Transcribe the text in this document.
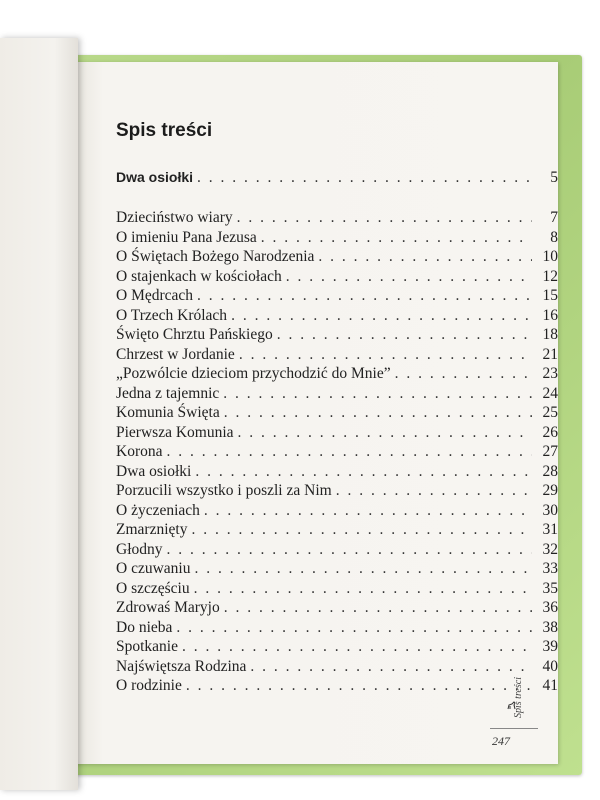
Spis treści
Dwa osiołki . . .	5
Dzieciństwo wiary . . .	7
O imieniu Pana Jezusa . . .	8
O Świętach Bożego Narodzenia . . .	10
O stajenkach w kościołach . . .	12
O Mędrcach . . .	15
O Trzech Królach . . .	16
Święto Chrztu Pańskiego . . .	18
Chrzest w Jordanie . . .	21
„Pozwólcie dzieciom przychodzić do Mnie” . . .	23
Jedna z tajemnic . . .	24
Komunia Święta . . .	25
Pierwsza Komunia . . .	26
Korona . . .	27
Dwa osiołki . . .	28
Porzucili wszystko i poszli za Nim . . .	29
O życzeniach . . .	30
Zmarznięty . . .	31
Głodny . . .	32
O czuwaniu . . .	33
O szczęściu . . .	35
Zdrowaś Maryjo . . .	36
Do nieba . . .	38
Spotkanie . . .	39
Najświętsza Rodzina . . .	40
O rodzinie . . .	41
Spis treści
247
